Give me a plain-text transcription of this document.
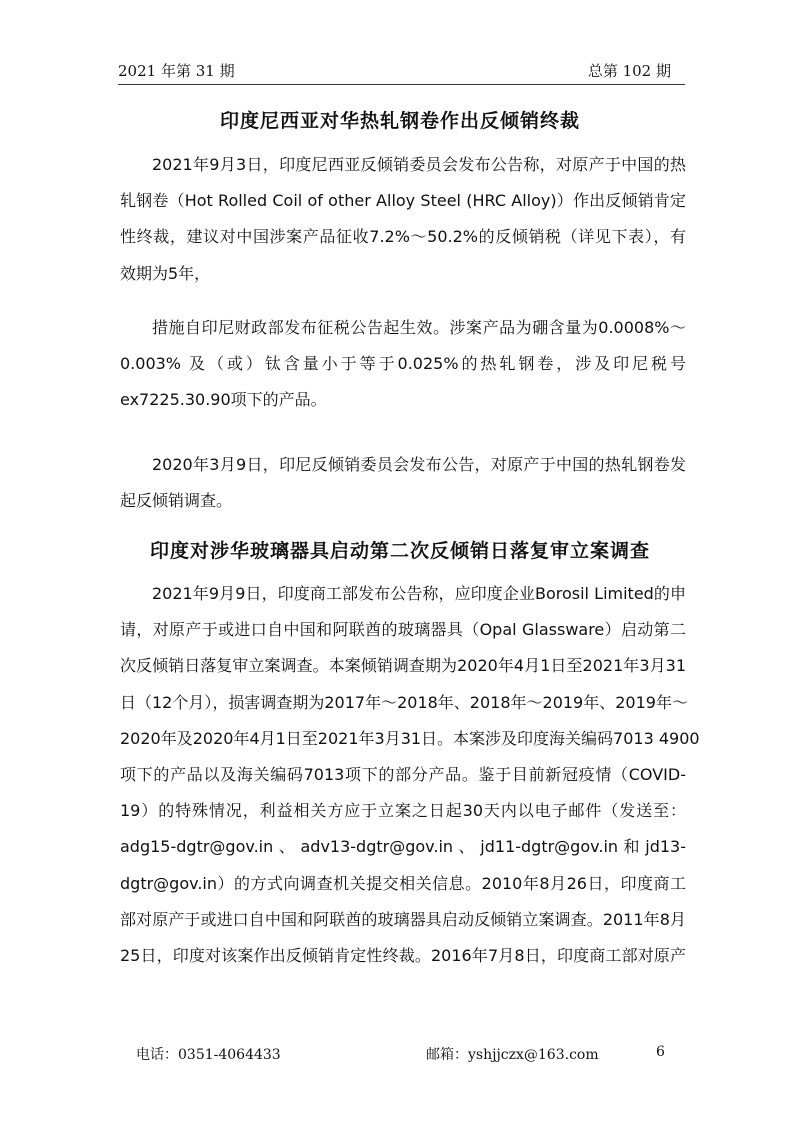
2021 年第 31 期	总第 102 期
印度尼西亚对华热轧钢卷作出反倾销终裁
2021年9月3日，印度尼西亚反倾销委员会发布公告称，对原产于中国的热
轧钢卷（Hot Rolled Coil of other Alloy Steel (HRC Alloy)）作出反倾销肯定
性终裁，建议对中国涉案产品征收7.2%～50.2%的反倾销税（详见下表），有
效期为5年，
措施自印尼财政部发布征税公告起生效。涉案产品为硼含量为0.0008%～
0.003% 及（或）钛含量小于等于0.025%的热轧钢卷，涉及印尼税号
ex7225.30.90项下的产品。
2020年3月9日，印尼反倾销委员会发布公告，对原产于中国的热轧钢卷发
起反倾销调查。
印度对涉华玻璃器具启动第二次反倾销日落复审立案调查
2021年9月9日，印度商工部发布公告称，应印度企业Borosil Limited的申
请，对原产于或进口自中国和阿联酋的玻璃器具（Opal Glassware）启动第二
次反倾销日落复审立案调查。本案倾销调查期为2020年4月1日至2021年3月31
日（12个月），损害调查期为2017年～2018年、2018年～2019年、2019年～
2020年及2020年4月1日至2021年3月31日。本案涉及印度海关编码7013 4900
项下的产品以及海关编码7013项下的部分产品。鉴于目前新冠疫情（COVID-
19）的特殊情况，利益相关方应于立案之日起30天内以电子邮件（发送至：
adg15-dgtr@gov.in 、 adv13-dgtr@gov.in 、 jd11-dgtr@gov.in 和 jd13-
dgtr@gov.in）的方式向调查机关提交相关信息。2010年8月26日，印度商工
部对原产于或进口自中国和阿联酋的玻璃器具启动反倾销立案调查。2011年8月
25日，印度对该案作出反倾销肯定性终裁。2016年7月8日，印度商工部对原产
电话：0351-4064433	邮箱：yshjjczx@163.com	6
